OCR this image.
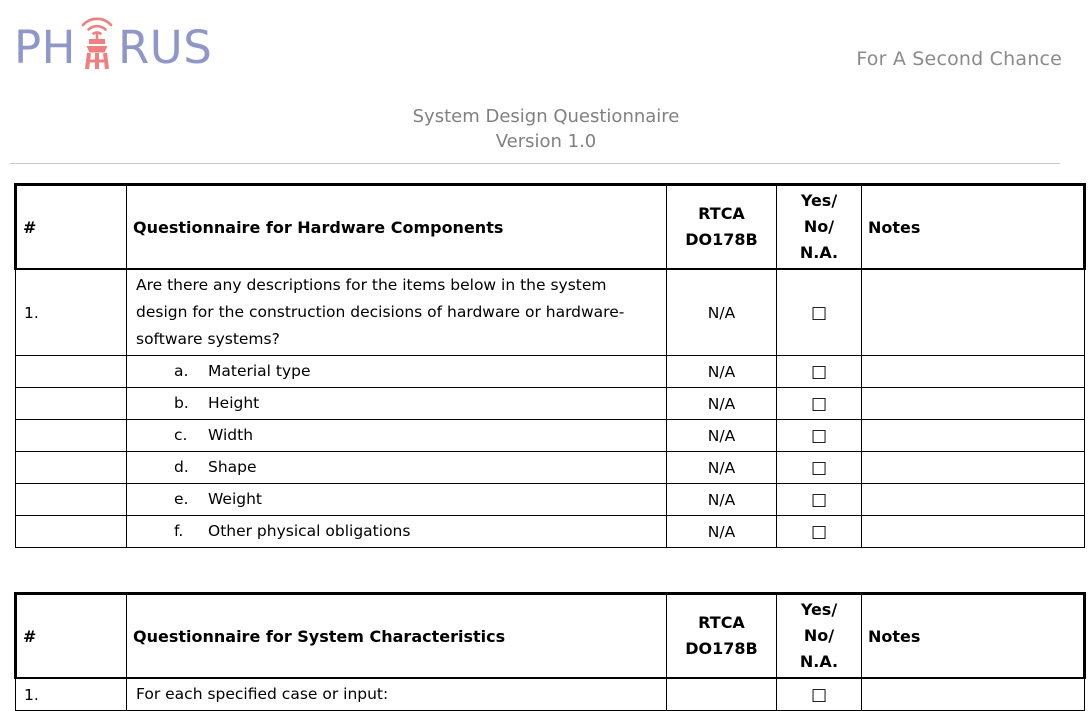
PH RUS	For A Second Chance
System Design Questionnaire
Version 1.0
#	Questionnaire for Hardware Components	RTCA
DO178B	Yes/
No/
N.A.	Notes
1.	Are there any descriptions for the items below in the system design for the construction decisions of hardware or hardware-software systems?	N/A	□	

	a. Material type	N/A	□	

	b. Height	N/A	□	

	c. Width	N/A	□	

	d. Shape	N/A	□	

	e. Weight	N/A	□	

	f. Other physical obligations	N/A	□	
#	Questionnaire for System Characteristics	RTCA
DO178B	Yes/
No/
N.A.	Notes
1.	For each specified case or input:		□	
